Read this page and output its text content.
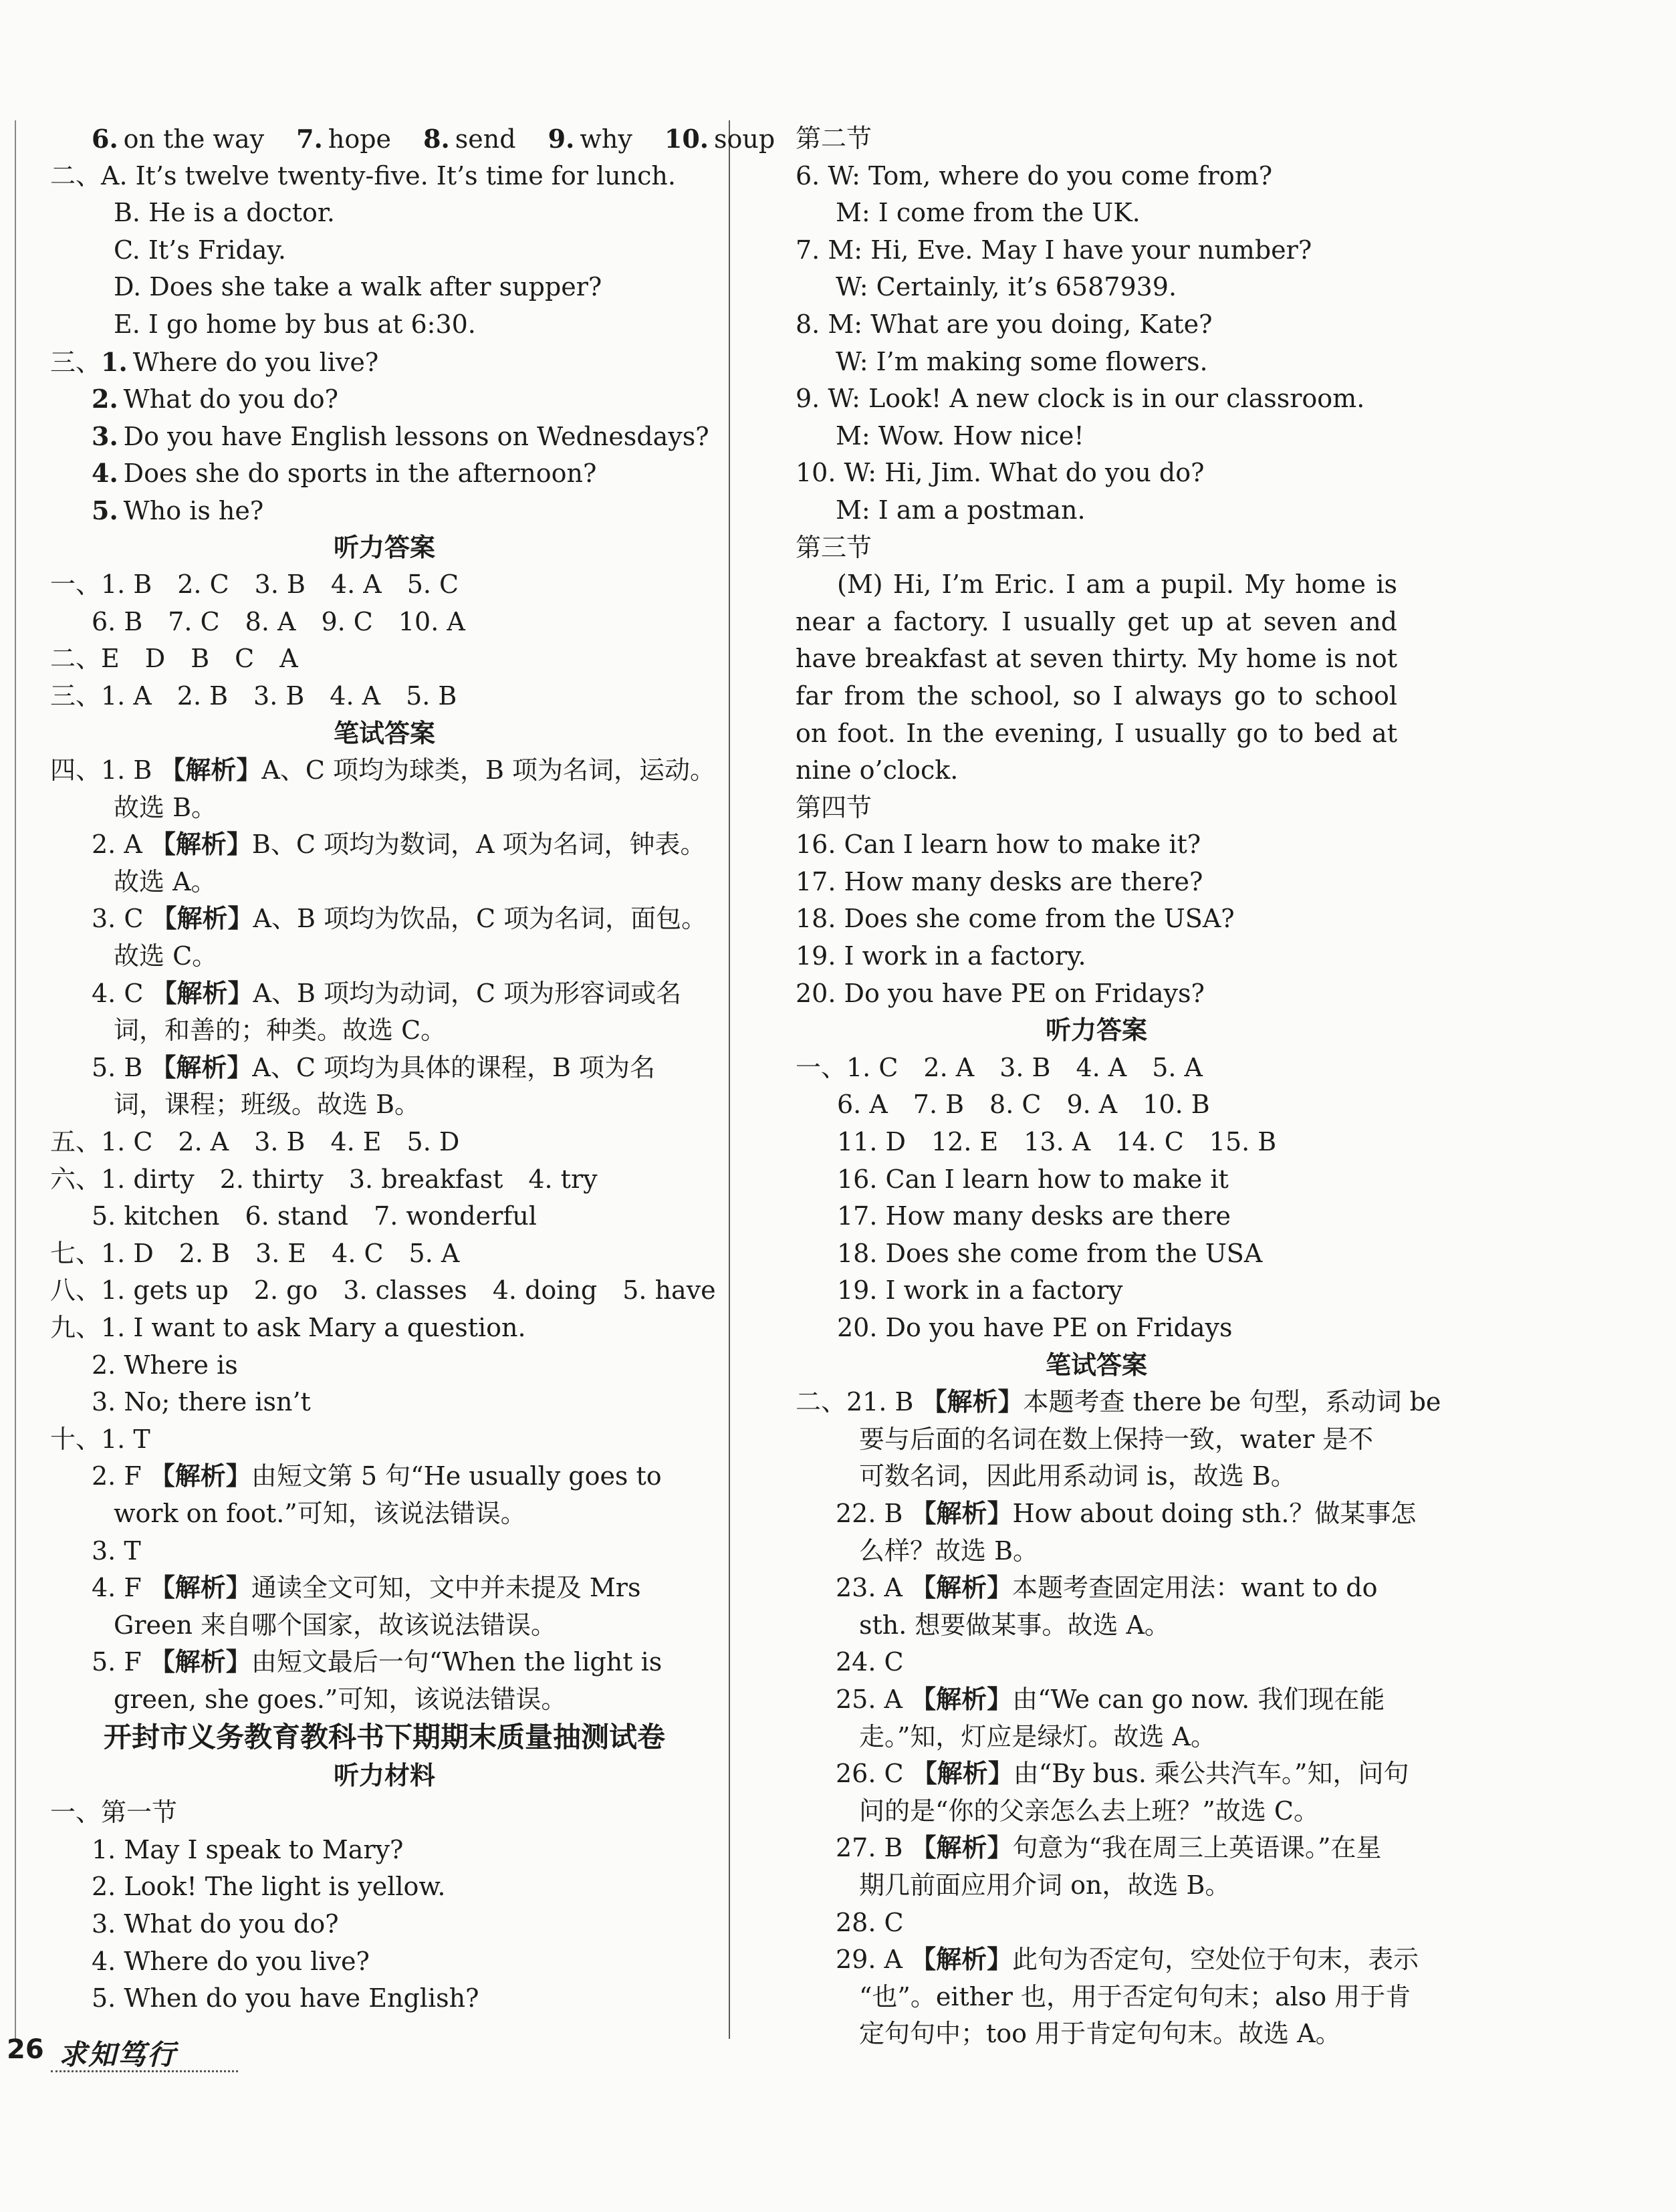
6. on the way 7. hope 8. send 9. why 10. soup
二、A. It’s twelve twenty-five. It’s time for lunch.
B. He is a doctor.
C. It’s Friday.
D. Does she take a walk after supper?
E. I go home by bus at 6:30.
三、1. Where do you live?
2. What do you do?
3. Do you have English lessons on Wednesdays?
4. Does she do sports in the afternoon?
5. Who is he?
听力答案
一、1. B　2. C　3. B　4. A　5. C
6. B　7. C　8. A　9. C　10. A
二、E　D　B　C　A
三、1. A　2. B　3. B　4. A　5. B
笔试答案
四、1. B 【解析】A、C 项均为球类，B 项为名词，运动。
故选 B。
2. A 【解析】B、C 项均为数词，A 项为名词，钟表。
故选 A。
3. C 【解析】A、B 项均为饮品，C 项为名词，面包。
故选 C。
4. C 【解析】A、B 项均为动词，C 项为形容词或名
词，和善的；种类。故选 C。
5. B 【解析】A、C 项均为具体的课程，B 项为名
词，课程；班级。故选 B。
五、1. C　2. A　3. B　4. E　5. D
六、1. dirty　2. thirty　3. breakfast　4. try
5. kitchen　6. stand　7. wonderful
七、1. D　2. B　3. E　4. C　5. A
八、1. gets up　2. go　3. classes　4. doing　5. have
九、1. I want to ask Mary a question.
2. Where is
3. No; there isn’t
十、1. T
2. F 【解析】由短文第 5 句“He usually goes to
work on foot.”可知，该说法错误。
3. T
4. F 【解析】通读全文可知，文中并未提及 Mrs
Green 来自哪个国家，故该说法错误。
5. F 【解析】由短文最后一句“When the light is
green, she goes.”可知，该说法错误。
开封市义务教育教科书下期期末质量抽测试卷
听力材料
一、第一节
1. May I speak to Mary?
2. Look! The light is yellow.
3. What do you do?
4. Where do you live?
5. When do you have English?
第二节
6. W: Tom, where do you come from?
M: I come from the UK.
7. M: Hi, Eve. May I have your number?
W: Certainly, it’s 6587939.
8. M: What are you doing, Kate?
W: I’m making some flowers.
9. W: Look! A new clock is in our classroom.
M: Wow. How nice!
10. W: Hi, Jim. What do you do?
M: I am a postman.
第三节
(M) Hi, I’m Eric. I am a pupil. My home is near a factory. I usually get up at seven and have breakfast at seven thirty. My home is not far from the school, so I always go to school on foot. In the evening, I usually go to bed at nine o’clock.
第四节
16. Can I learn how to make it?
17. How many desks are there?
18. Does she come from the USA?
19. I work in a factory.
20. Do you have PE on Fridays?
听力答案
一、1. C　2. A　3. B　4. A　5. A
6. A　7. B　8. C　9. A　10. B
11. D　12. E　13. A　14. C　15. B
16. Can I learn how to make it
17. How many desks are there
18. Does she come from the USA
19. I work in a factory
20. Do you have PE on Fridays
笔试答案
二、21. B 【解析】本题考查 there be 句型，系动词 be
要与后面的名词在数上保持一致，water 是不
可数名词，因此用系动词 is，故选 B。
22. B 【解析】How about doing sth.？做某事怎
么样？故选 B。
23. A 【解析】本题考查固定用法：want to do
sth. 想要做某事。故选 A。
24. C
25. A 【解析】由“We can go now. 我们现在能
走。”知，灯应是绿灯。故选 A。
26. C 【解析】由“By bus. 乘公共汽车。”知，问句
问的是“你的父亲怎么去上班？”故选 C。
27. B 【解析】句意为“我在周三上英语课。”在星
期几前面应用介词 on，故选 B。
28. C
29. A 【解析】此句为否定句，空处位于句末，表示
“也”。either 也，用于否定句句末；also 用于肯
定句句中；too 用于肯定句句末。故选 A。
26 求知笃行
